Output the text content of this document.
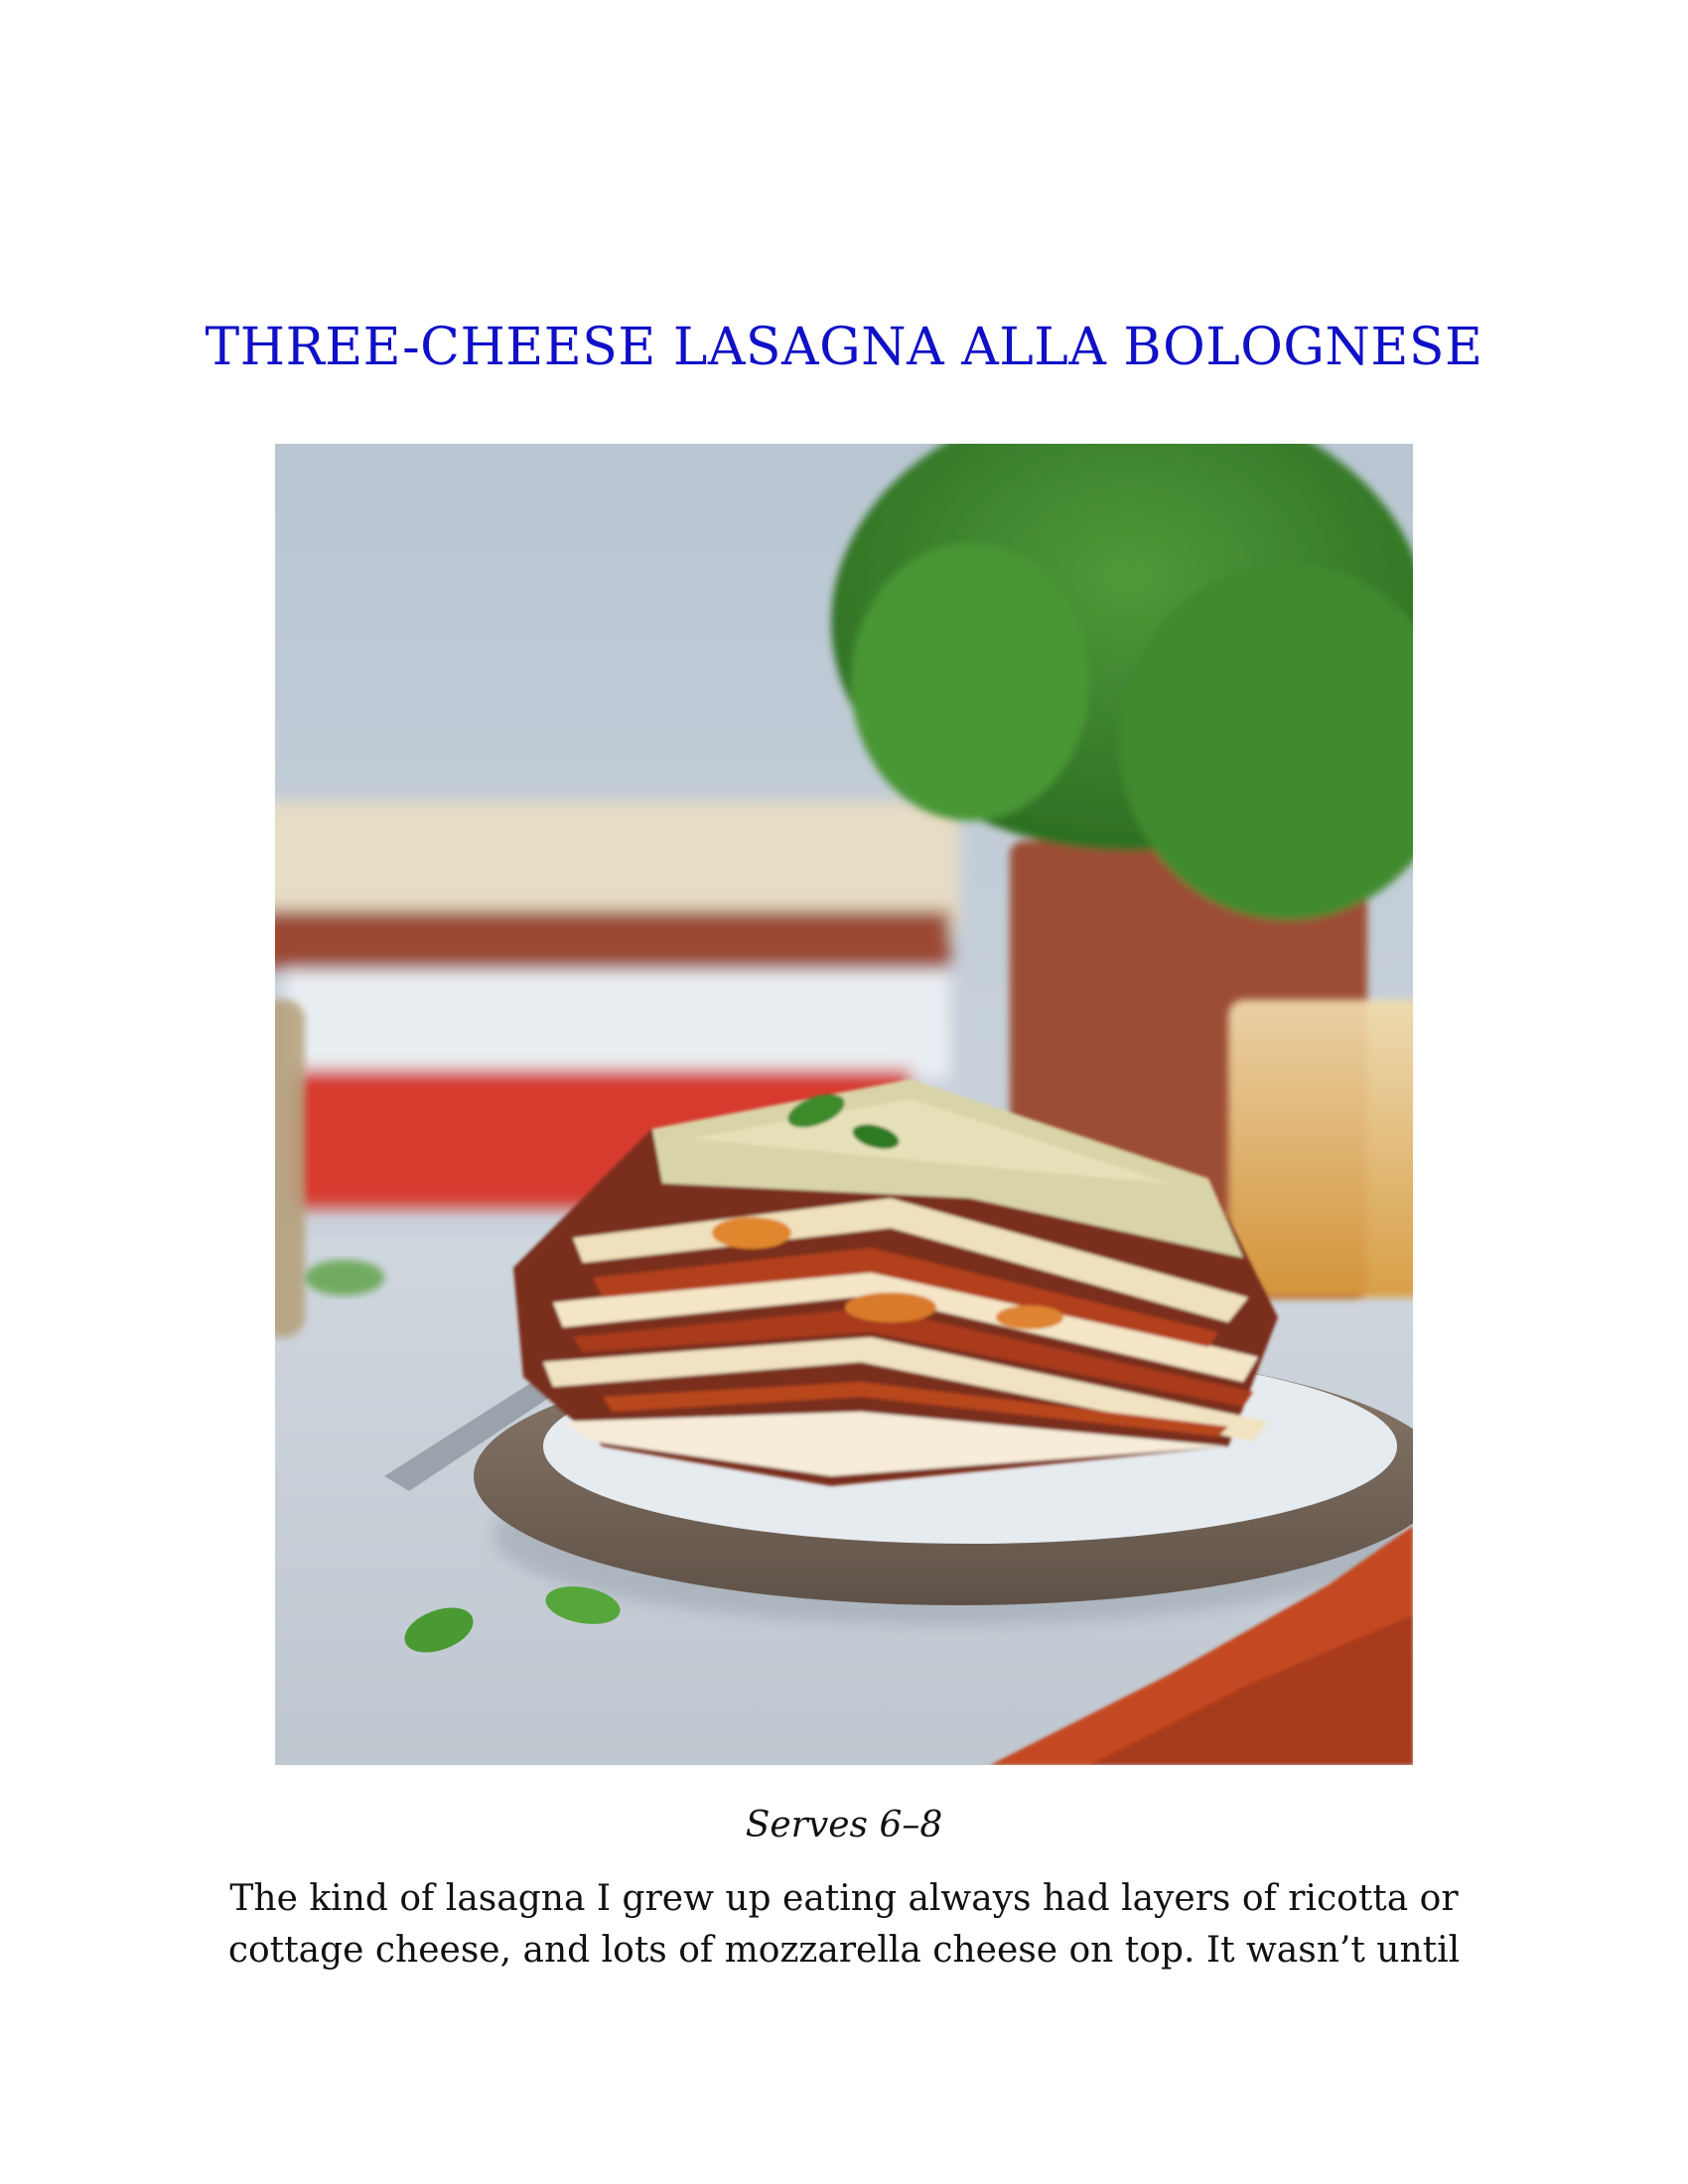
THREE-CHEESE LASAGNA ALLA BOLOGNESE
Serves 6–8

The kind of lasagna I grew up eating always had layers of ricotta or
cottage cheese, and lots of mozzarella cheese on top. It wasn’t until
